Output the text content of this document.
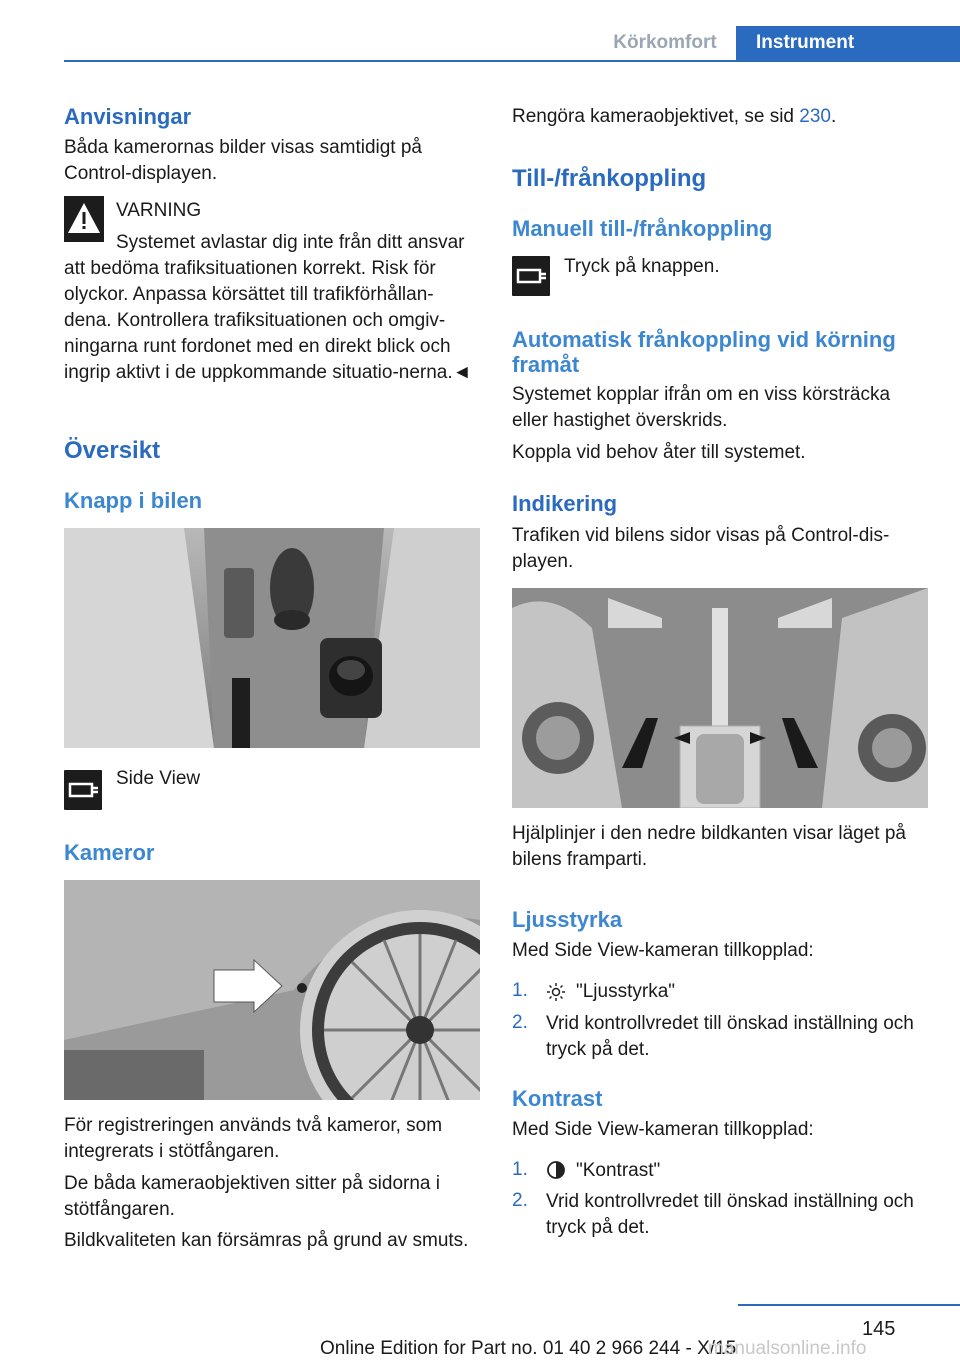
Körkomfort	Instrument
Anvisningar
Båda kamerornas bilder visas samtidigt på Control-displayen.
VARNING
Systemet avlastar dig inte från ditt ansvar
att bedöma trafiksituationen korrekt. Risk för olyckor. Anpassa körsättet till trafikförhållan-dena. Kontrollera trafiksituationen och omgiv-ningarna runt fordonet med en direkt blick och ingrip aktivt i de uppkommande situatio-nerna.◄
Översikt
Knapp i bilen
Side View
Kameror
För registreringen används två kameror, som integrerats i stötfångaren.
De båda kameraobjektiven sitter på sidorna i stötfångaren.
Bildkvaliteten kan försämras på grund av smuts.
Rengöra kameraobjektivet, se sid 230.
Till-/frånkoppling
Manuell till-/frånkoppling
Tryck på knappen.
Automatisk frånkoppling vid körning framåt
Systemet kopplar ifrån om en viss körsträcka eller hastighet överskrids.
Koppla vid behov åter till systemet.
Indikering
Trafiken vid bilens sidor visas på Control-dis-playen.
Hjälplinjer i den nedre bildkanten visar läget på bilens framparti.
Ljusstyrka
Med Side View-kameran tillkopplad:
1.	"Ljusstyrka"
2. Vrid kontrollvredet till önskad inställning och tryck på det.
Kontrast
Med Side View-kameran tillkopplad:
1.	"Kontrast"
2. Vrid kontrollvredet till önskad inställning och tryck på det.
145
Online Edition for Part no. 01 40 2 966 244 - X/15
manualsonline.info
